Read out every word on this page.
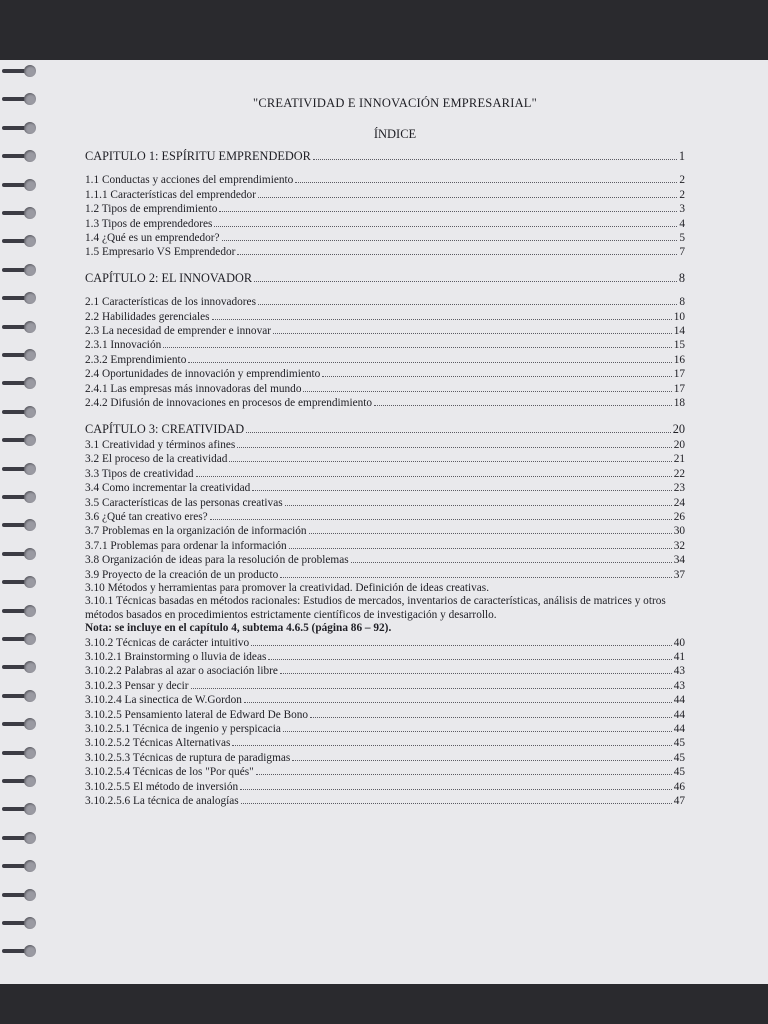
"CREATIVIDAD E INNOVACIÓN EMPRESARIAL"
ÍNDICE
CAPITULO 1: ESPÍRITU EMPRENDEDOR	1
1.1 Conductas y acciones del emprendimiento	2
1.1.1 Características del emprendedor	2
1.2 Tipos de emprendimiento	3
1.3 Tipos de emprendedores	4
1.4 ¿Qué es un emprendedor?	5
1.5 Empresario VS Emprendedor	7
CAPÍTULO 2: EL INNOVADOR	8
2.1 Características de los innovadores	8
2.2 Habilidades gerenciales	10
2.3 La necesidad de emprender e innovar	14
2.3.1 Innovación	15
2.3.2 Emprendimiento	16
2.4 Oportunidades de innovación y emprendimiento	17
2.4.1 Las empresas más innovadoras del mundo	17
2.4.2 Difusión de innovaciones en procesos de emprendimiento	18
CAPÍTULO 3: CREATIVIDAD	20
3.1 Creatividad y términos afines	20
3.2 El proceso de la creatividad	21
3.3 Tipos de creatividad	22
3.4 Como incrementar la creatividad	23
3.5 Características de las personas creativas	24
3.6 ¿Qué tan creativo eres?	26
3.7 Problemas en la organización de información	30
3.7.1 Problemas para ordenar la información	32
3.8 Organización de ideas para la resolución de problemas	34
3.9 Proyecto de la creación de un producto	37
3.10 Métodos y herramientas para promover la creatividad. Definición de ideas creativas.
3.10.1 Técnicas basadas en métodos racionales: Estudios de mercados, inventarios de características, análisis de matrices y otros métodos basados en procedimientos estrictamente científicos de investigación y desarrollo.
Nota: se incluye en el capítulo 4, subtema 4.6.5 (página 86 – 92).
3.10.2 Técnicas de carácter intuitivo	40
3.10.2.1 Brainstorming o lluvia de ideas	41
3.10.2.2 Palabras al azar o asociación libre	43
3.10.2.3 Pensar y decir	43
3.10.2.4 La sinectica de W.Gordon	44
3.10.2.5 Pensamiento lateral de Edward De Bono	44
3.10.2.5.1 Técnica de ingenio y perspicacia	44
3.10.2.5.2 Técnicas Alternativas	45
3.10.2.5.3 Técnicas de ruptura de paradigmas	45
3.10.2.5.4 Técnicas de los "Por qués"	45
3.10.2.5.5 El método de inversión	46
3.10.2.5.6 La técnica de analogías	47
